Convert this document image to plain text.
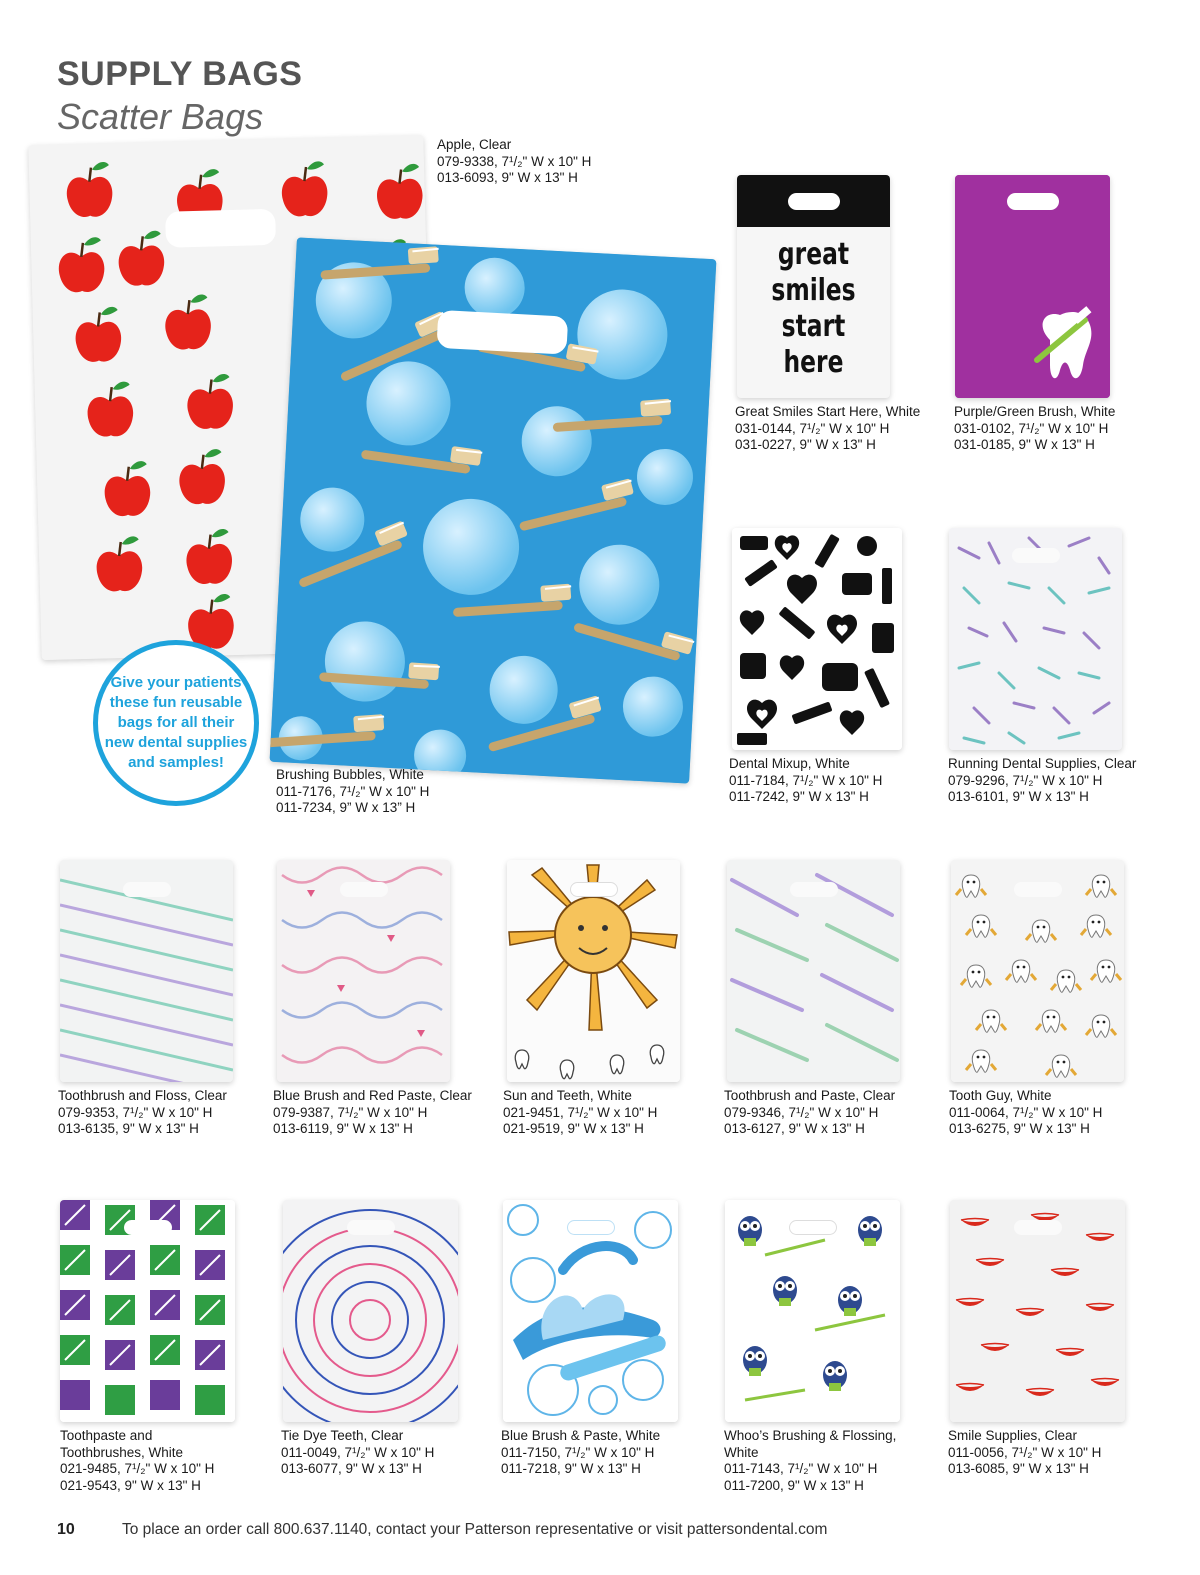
SUPPLY BAGS
Scatter Bags
Give your patients these fun reusable bags for all their new dental supplies and samples!
Apple, Clear
079-9338, 7¹/₂" W x 10" H
013-6093, 9" W x 13" H
Brushing Bubbles, White
011-7176, 7¹/₂" W x 10" H
011-7234, 9” W x 13” H
great
smiles
start
here
Great Smiles Start Here, White
031-0144, 7¹/₂" W x 10" H
031-0227, 9" W x 13" H
Purple/Green Brush, White
031-0102, 7¹/₂" W x 10" H
031-0185, 9" W x 13" H
Dental Mixup, White
011-7184, 7¹/₂" W x 10" H
011-7242, 9" W x 13" H
Running Dental Supplies, Clear
079-9296, 7¹/₂" W x 10" H
013-6101, 9" W x 13" H
Toothbrush and Floss, Clear
079-9353, 7¹/₂" W x 10" H
013-6135, 9" W x 13" H
Blue Brush and Red Paste, Clear
079-9387, 7¹/₂" W x 10" H
013-6119, 9" W x 13" H
Sun and Teeth, White
021-9451, 7¹/₂" W x 10" H
021-9519, 9" W x 13" H
Toothbrush and Paste, Clear
079-9346, 7¹/₂" W x 10" H
013-6127, 9" W x 13" H
Tooth Guy, White
011-0064, 7¹/₂" W x 10" H
013-6275, 9" W x 13" H
Toothpaste and
Toothbrushes, White
021-9485, 7¹/₂" W x 10" H
021-9543, 9" W x 13" H
Tie Dye Teeth, Clear
011-0049, 7¹/₂" W x 10" H
013-6077, 9" W x 13" H
Blue Brush & Paste, White
011-7150, 7¹/₂" W x 10" H
011-7218, 9" W x 13" H
Whoo’s Brushing & Flossing,
White
011-7143, 7¹/₂" W x 10" H
011-7200, 9" W x 13" H
Smile Supplies, Clear
011-0056, 7¹/₂" W x 10" H
013-6085, 9" W x 13" H
10	To place an order call 800.637.1140, contact your Patterson representative or visit pattersondental.com
